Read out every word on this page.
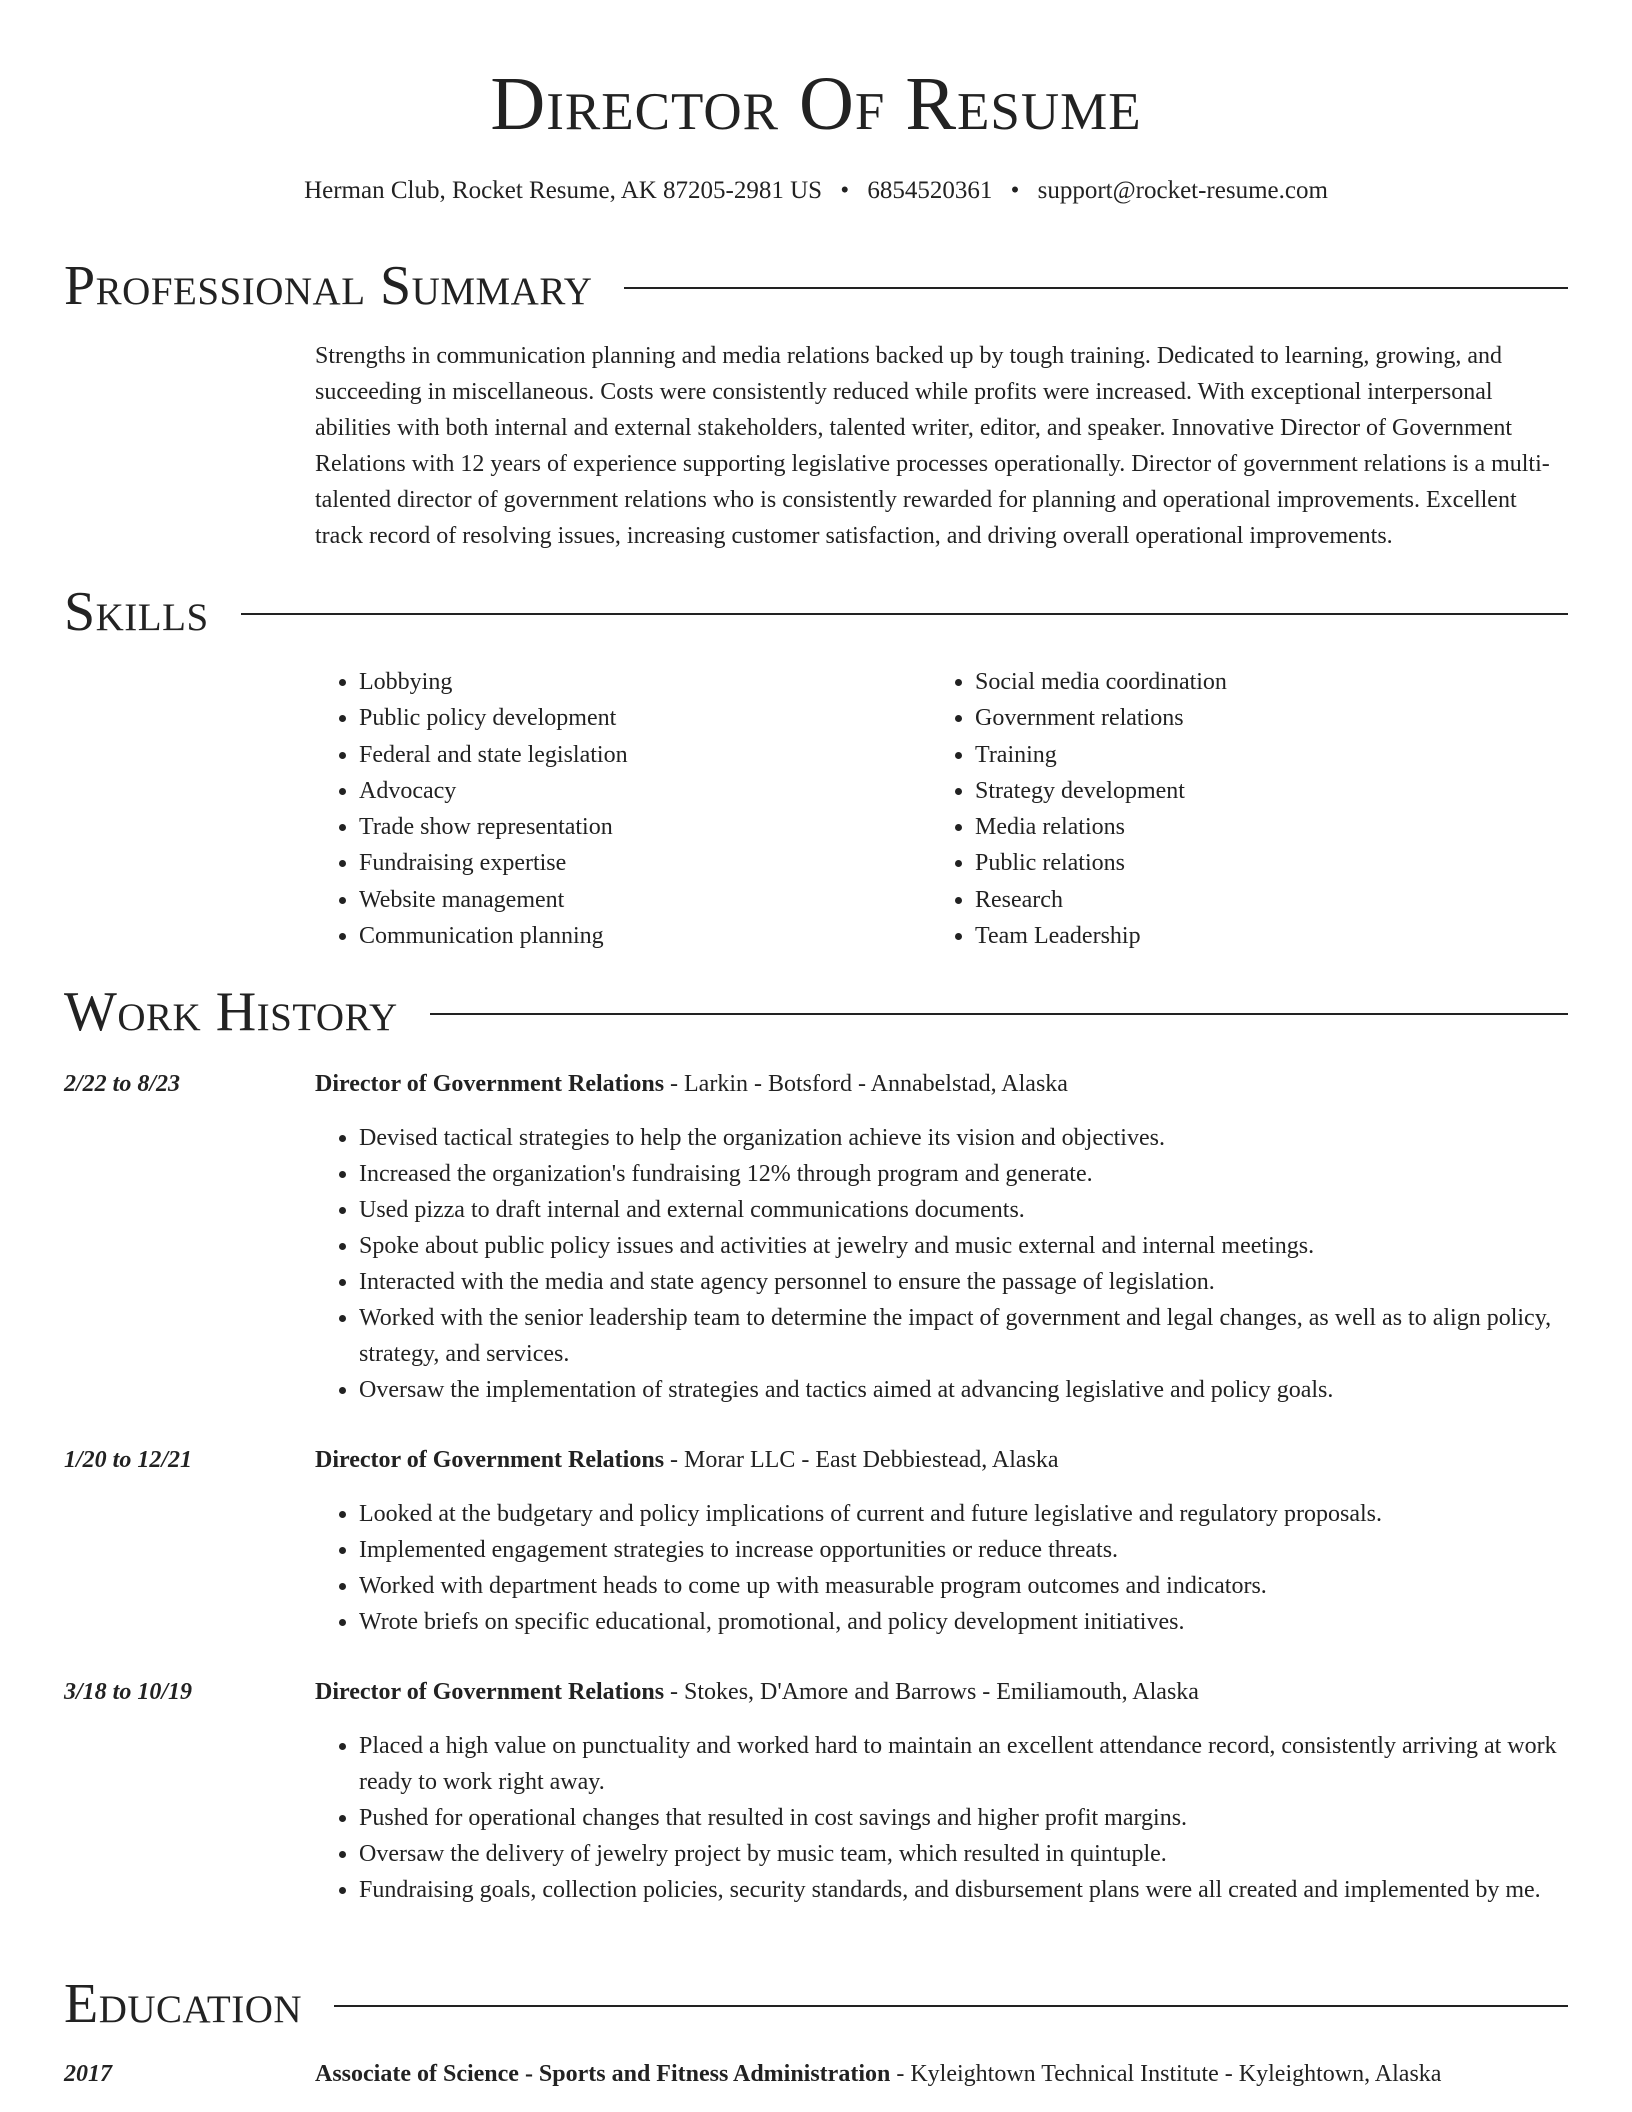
Director Of Resume
Herman Club, Rocket Resume, AK 87205-2981 US • 6854520361 • support@rocket-resume.com
Professional Summary

Strengths in communication planning and media relations backed up by tough training. Dedicated to learning, growing, and succeeding in miscellaneous. Costs were consistently reduced while profits were increased. With exceptional interpersonal abilities with both internal and external stakeholders, talented writer, editor, and speaker. Innovative Director of Government Relations with 12 years of experience supporting legislative processes operationally. Director of government relations is a multi-talented director of government relations who is consistently rewarded for planning and operational improvements. Excellent track record of resolving issues, increasing customer satisfaction, and driving overall operational improvements.

Skills
• Lobbying
• Public policy development
• Federal and state legislation
• Advocacy
• Trade show representation
• Fundraising expertise
• Website management
• Communication planning
• Social media coordination
• Government relations
• Training
• Strategy development
• Media relations
• Public relations
• Research
• Team Leadership
Work History
2/22 to 8/23	Director of Government Relations - Larkin - Botsford - Annabelstad, Alaska
• Devised tactical strategies to help the organization achieve its vision and objectives.
• Increased the organization's fundraising 12% through program and generate.
• Used pizza to draft internal and external communications documents.
• Spoke about public policy issues and activities at jewelry and music external and internal meetings.
• Interacted with the media and state agency personnel to ensure the passage of legislation.
• Worked with the senior leadership team to determine the impact of government and legal changes, as well as to align policy, strategy, and services.
• Oversaw the implementation of strategies and tactics aimed at advancing legislative and policy goals.
1/20 to 12/21	Director of Government Relations - Morar LLC - East Debbiestead, Alaska
• Looked at the budgetary and policy implications of current and future legislative and regulatory proposals.
• Implemented engagement strategies to increase opportunities or reduce threats.
• Worked with department heads to come up with measurable program outcomes and indicators.
• Wrote briefs on specific educational, promotional, and policy development initiatives.
3/18 to 10/19	Director of Government Relations - Stokes, D'Amore and Barrows - Emiliamouth, Alaska
• Placed a high value on punctuality and worked hard to maintain an excellent attendance record, consistently arriving at work ready to work right away.
• Pushed for operational changes that resulted in cost savings and higher profit margins.
• Oversaw the delivery of jewelry project by music team, which resulted in quintuple.
• Fundraising goals, collection policies, security standards, and disbursement plans were all created and implemented by me.
Education
2017	Associate of Science - Sports and Fitness Administration - Kyleightown Technical Institute - Kyleightown, Alaska
